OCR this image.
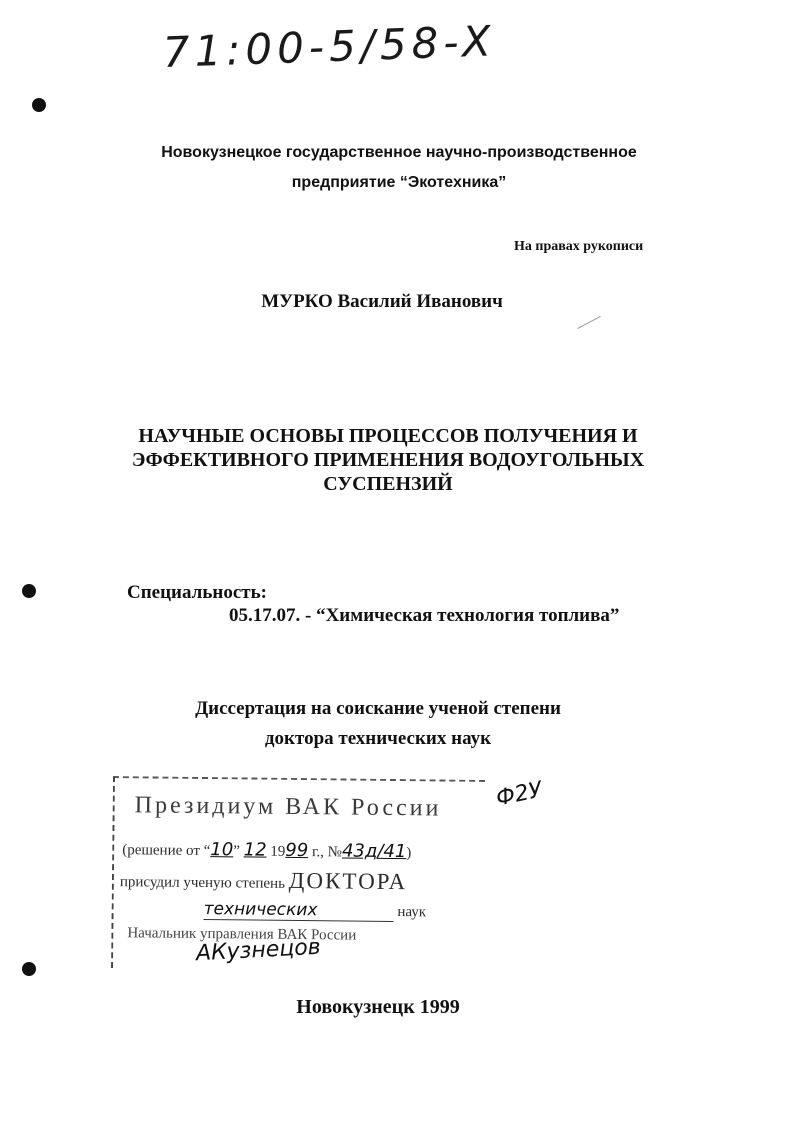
71:00-5/58-X
Новокузнецкое государственное научно-производственное
предприятие “Экотехника”
На правах рукописи
МУРКО Василий Иванович
НАУЧНЫЕ ОСНОВЫ ПРОЦЕССОВ ПОЛУЧЕНИЯ И
ЭФФЕКТИВНОГО ПРИМЕНЕНИЯ ВОДОУГОЛЬНЫХ
СУСПЕНЗИЙ
Специальность:
05.17.07. - “Химическая технология топлива”
Диссертация на соискание ученой степени
доктора технических наук
Президиум ВАК России
(решение от “10” 12 1999 г., №43д/41)
присудил ученую степень ДОКТОРА
технических	наук
Начальник управления ВАК России
АКузнецов
Ф2У
Новокузнецк 1999
